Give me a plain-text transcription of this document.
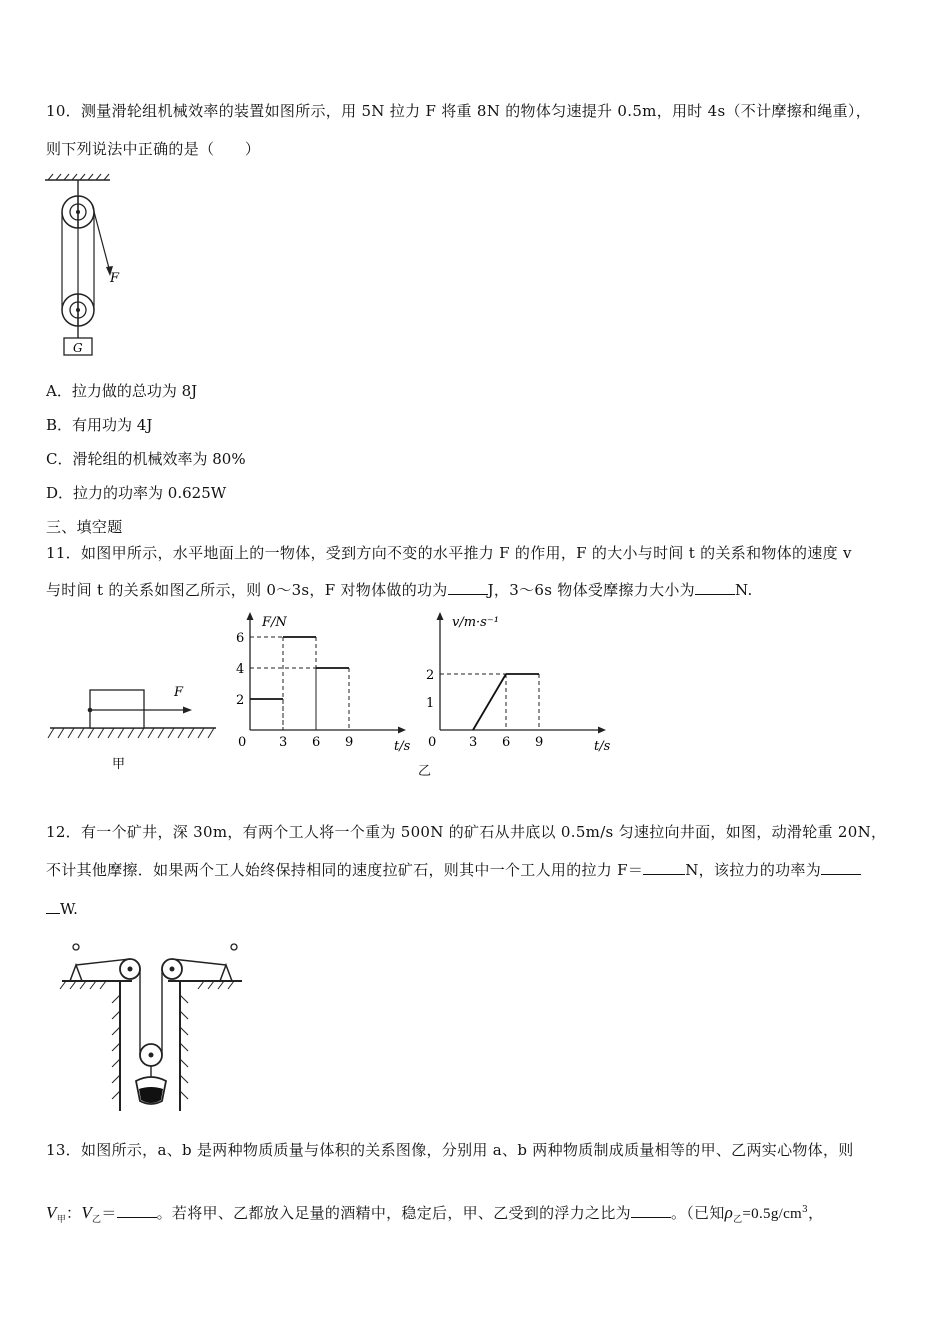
10．测量滑轮组机械效率的装置如图所示，用 5N 拉力 F 将重 8N 的物体匀速提升 0.5m，用时 4s（不计摩擦和绳重），
则下列说法中正确的是（　　）
F
G
A．拉力做的总功为 8J
B．有用功为 4J
C．滑轮组的机械效率为 80%
D．拉力的功率为 0.625W
三、填空题
11．如图甲所示，水平地面上的一物体，受到方向不变的水平推力 F 的作用，F 的大小与时间 t 的关系和物体的速度 v
与时间 t 的关系如图乙所示，则 0～3s，F 对物体做的功为	J，3～6s 物体受摩擦力大小为	N.
F
甲
F/N
t/s
0	3 6 9
2
4
6
v/m·s⁻¹
t/s
0	3 6 9
1
2
乙
12．有一个矿井，深 30m，有两个工人将一个重为 500N 的矿石从井底以 0.5m/s 匀速拉向井面，如图，动滑轮重 20N，
不计其他摩擦．如果两个工人始终保持相同的速度拉矿石，则其中一个工人用的拉力 F＝	N，该拉力的功率为
W.
13．如图所示，a、b 是两种物质质量与体积的关系图像，分别用 a、b 两种物质制成质量相等的甲、乙两实心物体，则
$V_甲$：$V_乙=$	。若将甲、乙都放入足量的酒精中，稳定后，甲、乙受到的浮力之比为	。（已知$\rho_乙=0.5g/cm^3$，
